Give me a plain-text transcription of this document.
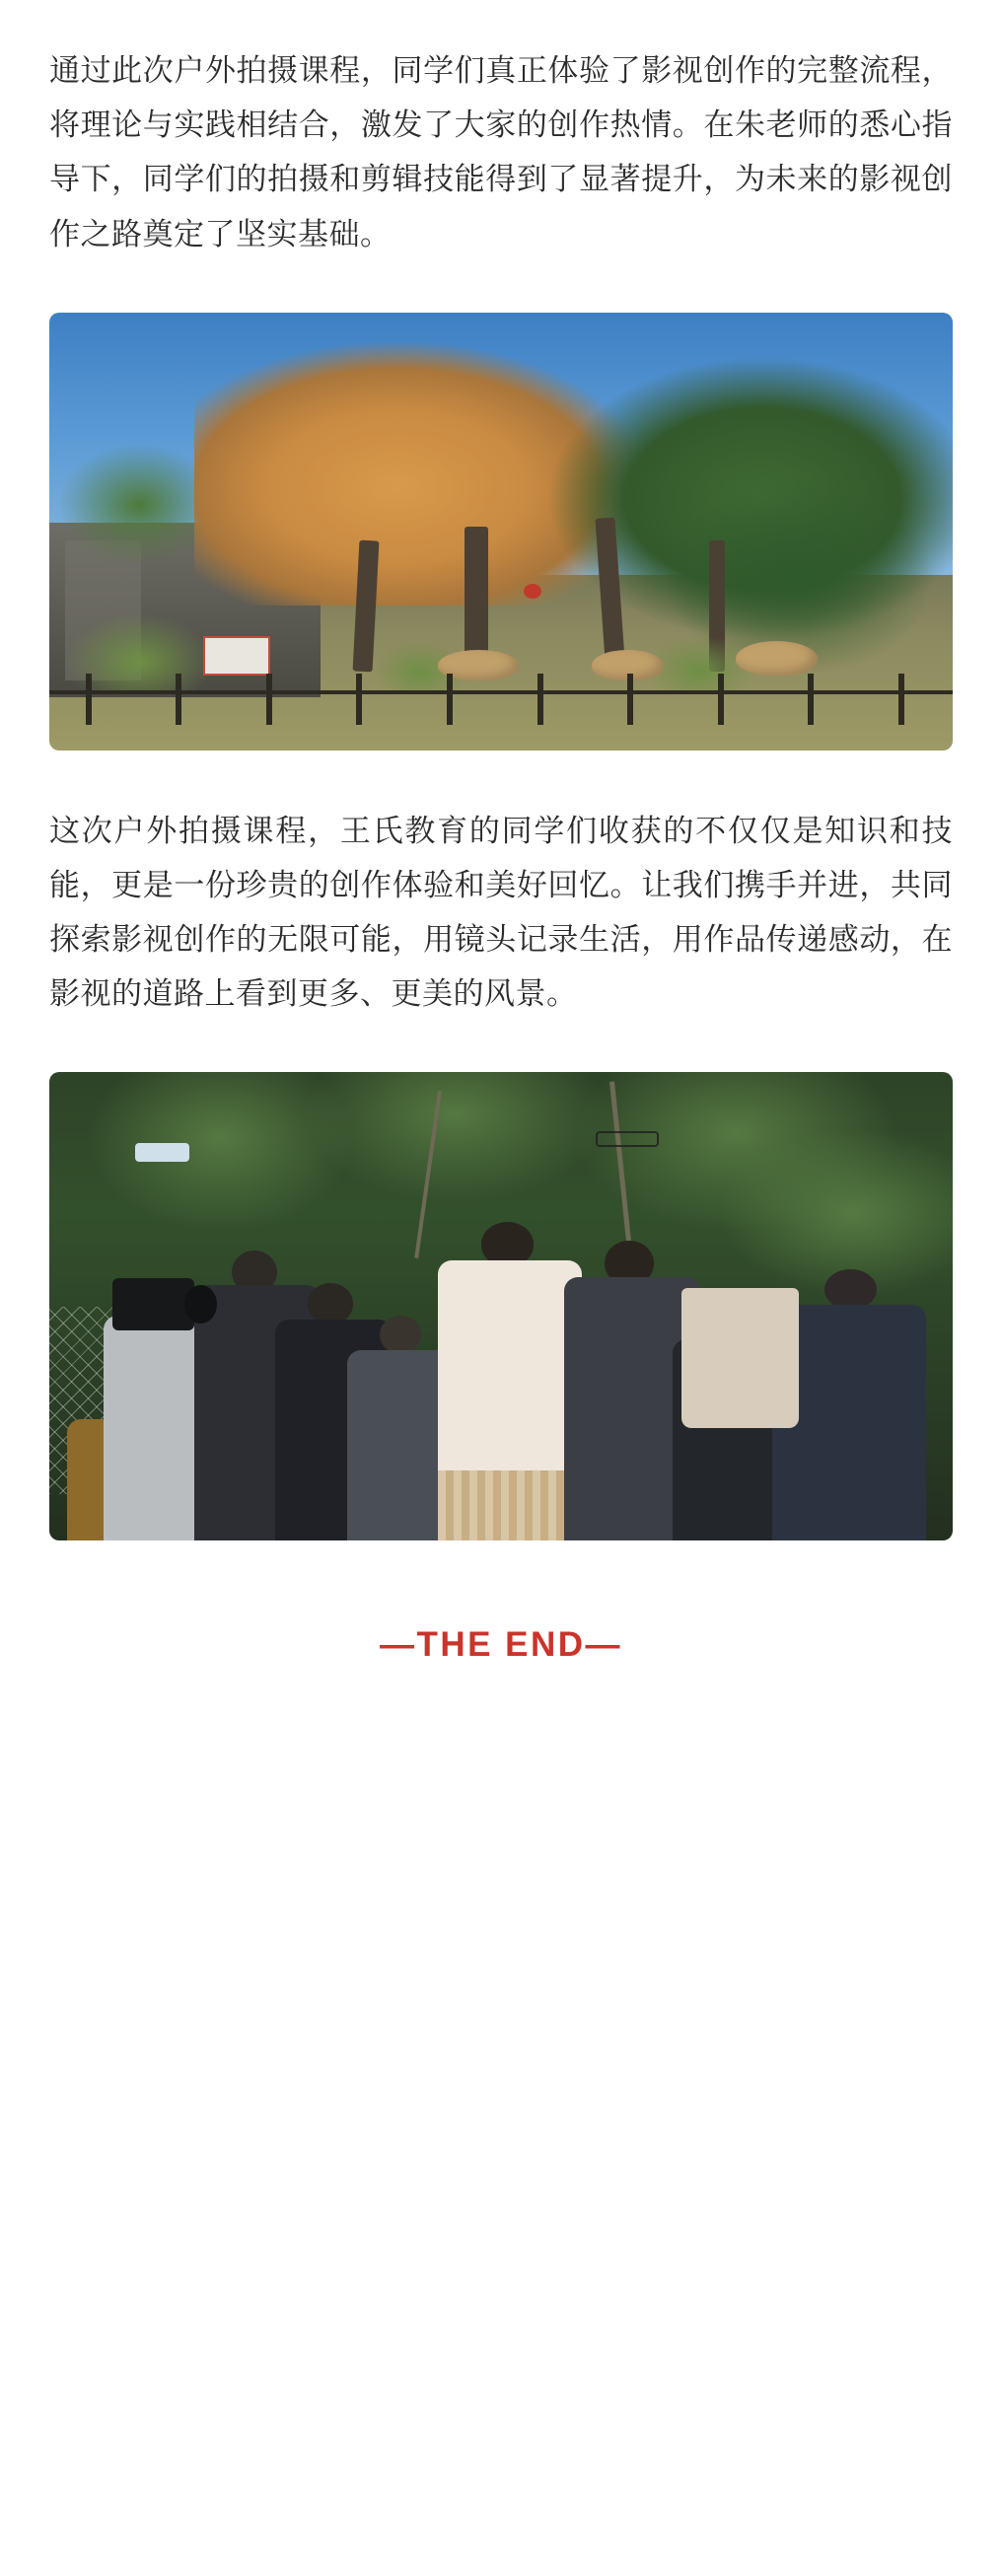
通过此次户外拍摄课程，同学们真正体验了影视创作的完整流程，将理论与实践相结合，激发了大家的创作热情。在朱老师的悉心指导下，同学们的拍摄和剪辑技能得到了显著提升，为未来的影视创作之路奠定了坚实基础。

这次户外拍摄课程，王氏教育的同学们收获的不仅仅是知识和技能，更是一份珍贵的创作体验和美好回忆。让我们携手并进，共同探索影视创作的无限可能，用镜头记录生活，用作品传递感动，在影视的道路上看到更多、更美的风景。

—THE END—
